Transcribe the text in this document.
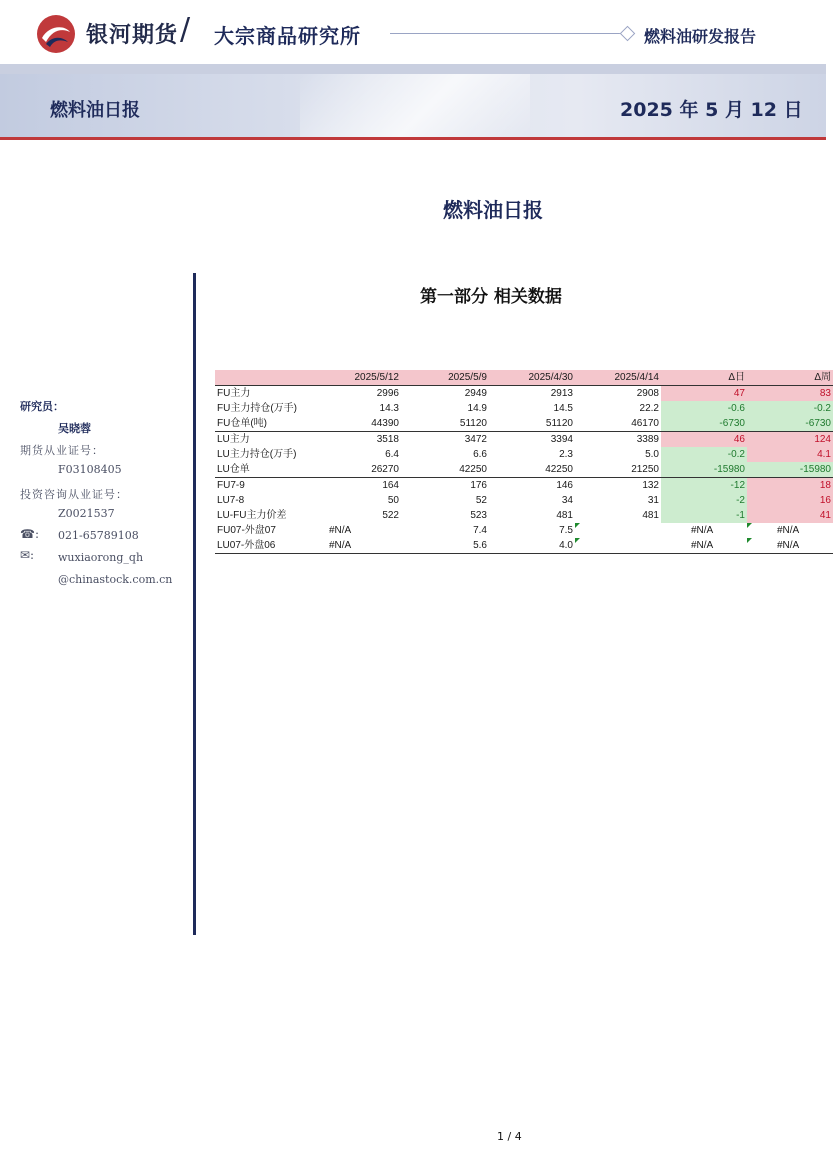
银河期货 / 大宗商品研究所	燃料油研发报告
燃料油日报	2025 年 5 月 12 日
燃料油日报
第一部分 相关数据
研究员：
吴晓蓉
期货从业证号：
F03108405
投资咨询从业证号：
Z0021537
☎: 021-65789108
✉: wuxiaorong_qh
@chinastock.com.cn
	2025/5/12	2025/5/9	2025/4/30	2025/4/14	Δ日	Δ周
FU主力	2996	2949	2913	2908	47	83
FU主力持仓(万手)	14.3	14.9	14.5	22.2	-0.6	-0.2
FU仓单(吨)	44390	51120	51120	46170	-6730	-6730
LU主力	3518	3472	3394	3389	46	124
LU主力持仓(万手)	6.4	6.6	2.3	5.0	-0.2	4.1
LU仓单	26270	42250	42250	21250	-15980	-15980
FU7-9	164	176	146	132	-12	18
LU7-8	50	52	34	31	-2	16
LU-FU主力价差	522	523	481	481	-1	41
FU07-外盘07	#N/A	7.4	7.5		#N/A	#N/A
LU07-外盘06	#N/A	5.6	4.0		#N/A	#N/A
1 / 4
